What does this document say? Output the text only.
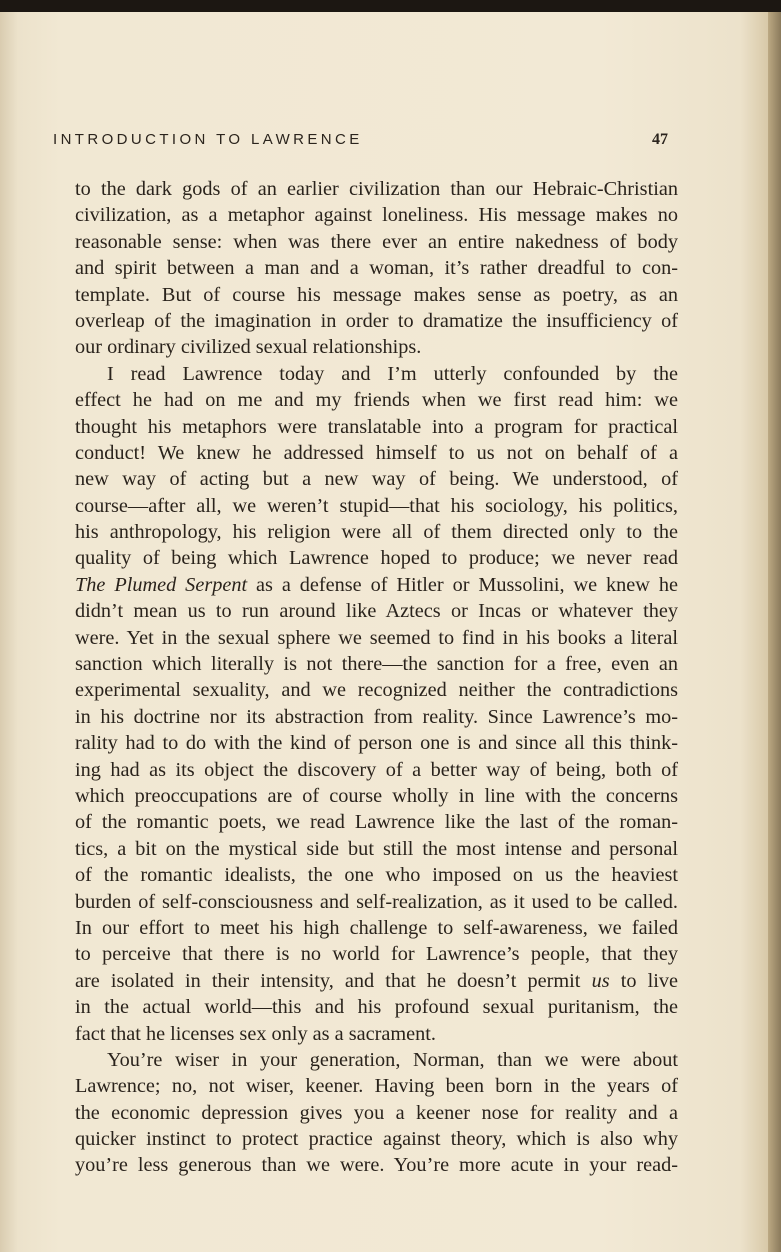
INTRODUCTION TO LAWRENCE	47
to the dark gods of an earlier civilization than our Hebraic-Christian
civilization, as a metaphor against loneliness. His message makes no
reasonable sense: when was there ever an entire nakedness of body
and spirit between a man and a woman, it’s rather dreadful to con-
template. But of course his message makes sense as poetry, as an
overleap of the imagination in order to dramatize the insufficiency of
our ordinary civilized sexual relationships.
I read Lawrence today and I’m utterly confounded by the
effect he had on me and my friends when we first read him: we
thought his metaphors were translatable into a program for practical
conduct! We knew he addressed himself to us not on behalf of a
new way of acting but a new way of being. We understood, of
course—after all, we weren’t stupid—that his sociology, his politics,
his anthropology, his religion were all of them directed only to the
quality of being which Lawrence hoped to produce; we never read
The Plumed Serpent as a defense of Hitler or Mussolini, we knew he
didn’t mean us to run around like Aztecs or Incas or whatever they
were. Yet in the sexual sphere we seemed to find in his books a literal
sanction which literally is not there—the sanction for a free, even an
experimental sexuality, and we recognized neither the contradictions
in his doctrine nor its abstraction from reality. Since Lawrence’s mo-
rality had to do with the kind of person one is and since all this think-
ing had as its object the discovery of a better way of being, both of
which preoccupations are of course wholly in line with the concerns
of the romantic poets, we read Lawrence like the last of the roman-
tics, a bit on the mystical side but still the most intense and personal
of the romantic idealists, the one who imposed on us the heaviest
burden of self-consciousness and self-realization, as it used to be called.
In our effort to meet his high challenge to self-awareness, we failed
to perceive that there is no world for Lawrence’s people, that they
are isolated in their intensity, and that he doesn’t permit us to live
in the actual world—this and his profound sexual puritanism, the
fact that he licenses sex only as a sacrament.
You’re wiser in your generation, Norman, than we were about
Lawrence; no, not wiser, keener. Having been born in the years of
the economic depression gives you a keener nose for reality and a
quicker instinct to protect practice against theory, which is also why
you’re less generous than we were. You’re more acute in your read-
